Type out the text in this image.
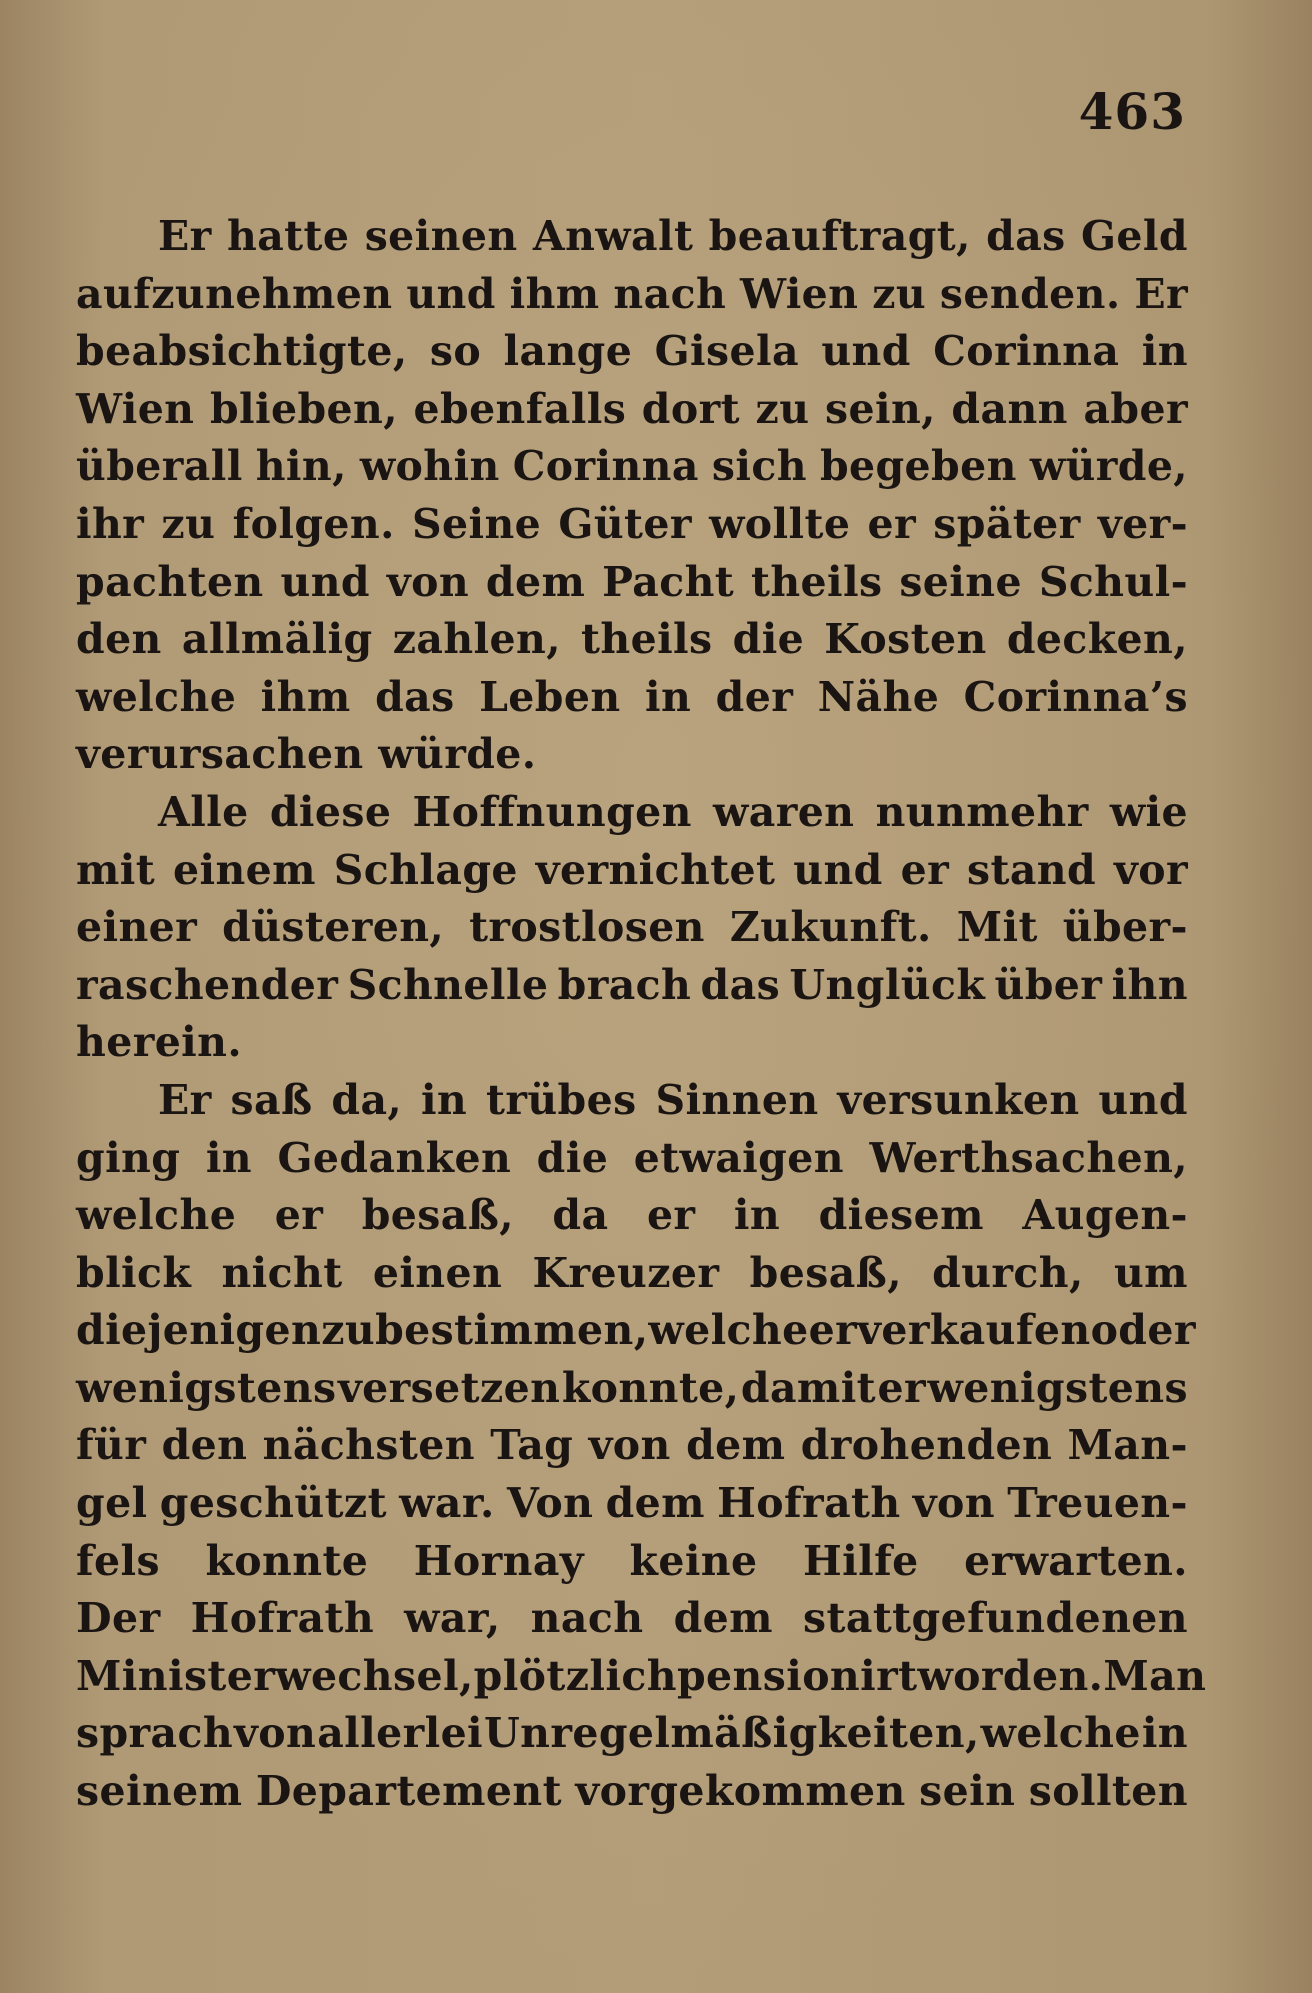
463
Er hatte seinen Anwalt beauftragt, das Geld
aufzunehmen und ihm nach Wien zu senden. Er
beabsichtigte, so lange Gisela und Corinna in
Wien blieben, ebenfalls dort zu sein, dann aber
überall hin, wohin Corinna sich begeben würde,
ihr zu folgen. Seine Güter wollte er später ver-
pachten und von dem Pacht theils seine Schul-
den allmälig zahlen, theils die Kosten decken,
welche ihm das Leben in der Nähe Corinna’s
verursachen würde.
Alle diese Hoffnungen waren nunmehr wie
mit einem Schlage vernichtet und er stand vor
einer düsteren, trostlosen Zukunft. Mit über-
raschender Schnelle brach das Unglück über ihn
herein.
Er saß da, in trübes Sinnen versunken und
ging in Gedanken die etwaigen Werthsachen,
welche er besaß, da er in diesem Augen-
blick nicht einen Kreuzer besaß, durch, um
diejenigen zu bestimmen, welche er verkaufen oder
wenigstens versetzen konnte, damit er wenigstens
für den nächsten Tag von dem drohenden Man-
gel geschützt war. Von dem Hofrath von Treuen-
fels konnte Hornay keine Hilfe erwarten.
Der Hofrath war, nach dem stattgefundenen
Ministerwechsel, plötzlich pensionirt worden. Man
sprach von allerlei Unregelmäßigkeiten, welche in
seinem Departement vorgekommen sein sollten
